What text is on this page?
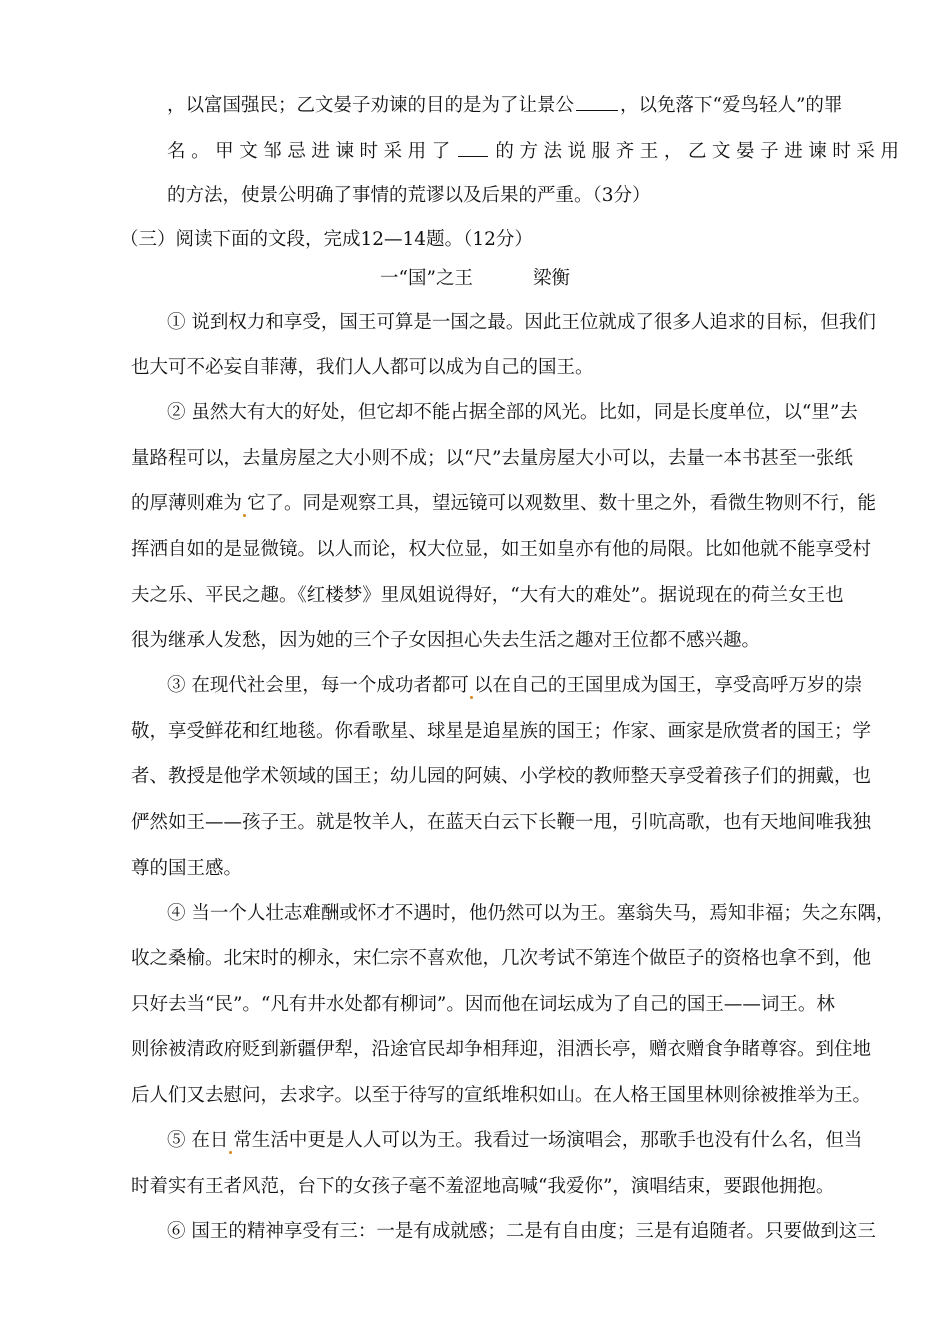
，以富国强民；乙文晏子劝谏的目的是为了让景公 ，以免落下“爱鸟轻人”的罪
名。甲文邹忌进谏时采用了 的方法说服齐王，乙文晏子进谏时采用
的方法，使景公明确了事情的荒谬以及后果的严重。（3分）
（三）阅读下面的文段，完成12—14题。（12分）
一“国”之王	梁衡
① 说到权力和享受，国王可算是一国之最。因此王位就成了很多人追求的目标，但我们
也大可不必妄自菲薄，我们人人都可以成为自己的国王。
② 虽然大有大的好处，但它却不能占据全部的风光。比如，同是长度单位，以“里”去
量路程可以，去量房屋之大小则不成；以“尺”去量房屋大小可以，去量一本书甚至一张纸
的厚薄则难为 它了。同是观察工具，望远镜可以观数里、数十里之外，看微生物则不行，能
挥洒自如的是显微镜。以人而论，权大位显，如王如皇亦有他的局限。比如他就不能享受村
夫之乐、平民之趣。《红楼梦》里凤姐说得好，“大有大的难处”。据说现在的荷兰女王也
很为继承人发愁，因为她的三个子女因担心失去生活之趣对王位都不感兴趣。
③ 在现代社会里，每一个成功者都可 以在自己的王国里成为国王，享受高呼万岁的崇
敬，享受鲜花和红地毯。你看歌星、球星是追星族的国王；作家、画家是欣赏者的国王；学
者、教授是他学术领域的国王；幼儿园的阿姨、小学校的教师整天享受着孩子们的拥戴，也
俨然如王——孩子王。就是牧羊人，在蓝天白云下长鞭一甩，引吭高歌，也有天地间唯我独
尊的国王感。
④ 当一个人壮志难酬或怀才不遇时，他仍然可以为王。塞翁失马，焉知非福；失之东隅，
收之桑榆。北宋时的柳永，宋仁宗不喜欢他，几次考试不第连个做臣子的资格也拿不到，他
只好去当“民”。“凡有井水处都有柳词”。因而他在词坛成为了自己的国王——词王。林
则徐被清政府贬到新疆伊犁，沿途官民却争相拜迎，泪洒长亭，赠衣赠食争睹尊容。到住地
后人们又去慰问，去求字。以至于待写的宣纸堆积如山。在人格王国里林则徐被推举为王。
⑤ 在日 常生活中更是人人可以为王。我看过一场演唱会，那歌手也没有什么名，但当
时着实有王者风范，台下的女孩子毫不羞涩地高喊“我爱你”，演唱结束，要跟他拥抱。
⑥ 国王的精神享受有三：一是有成就感；二是有自由度；三是有追随者。只要做到这三
